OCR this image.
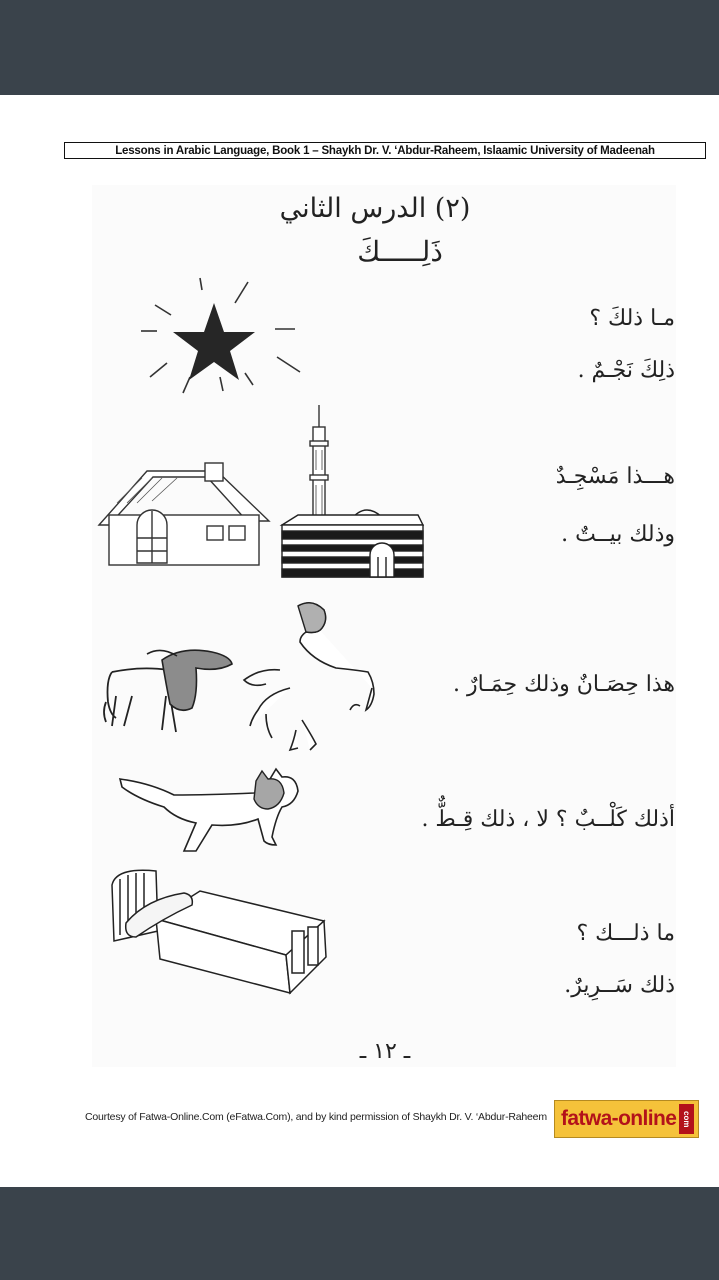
Lessons in Arabic Language, Book 1 – Shaykh Dr. V. ‘Abdur-Raheem, Islaamic University of Madeenah
(٢) الدرس الثاني
ذَلِـــــكَ
مـا ذلكَ ؟
ذلِكَ نَجْـمٌ .
هـــذا مَسْجِـدٌ
وذلك بيــتٌ .
هذا حِصَـانٌ وذلك حِمَـارٌ .
أذلك كَلْــبٌ ؟ لا ، ذلك قِـطٌّ .
ما ذلـــك ؟
ذلك سَــرِيرٌ.
ـ ١٢ ـ
Courtesy of Fatwa-Online.Com (eFatwa.Com), and by kind permission of Shaykh Dr. V. ‘Abdur-Raheem fatwa-online com
